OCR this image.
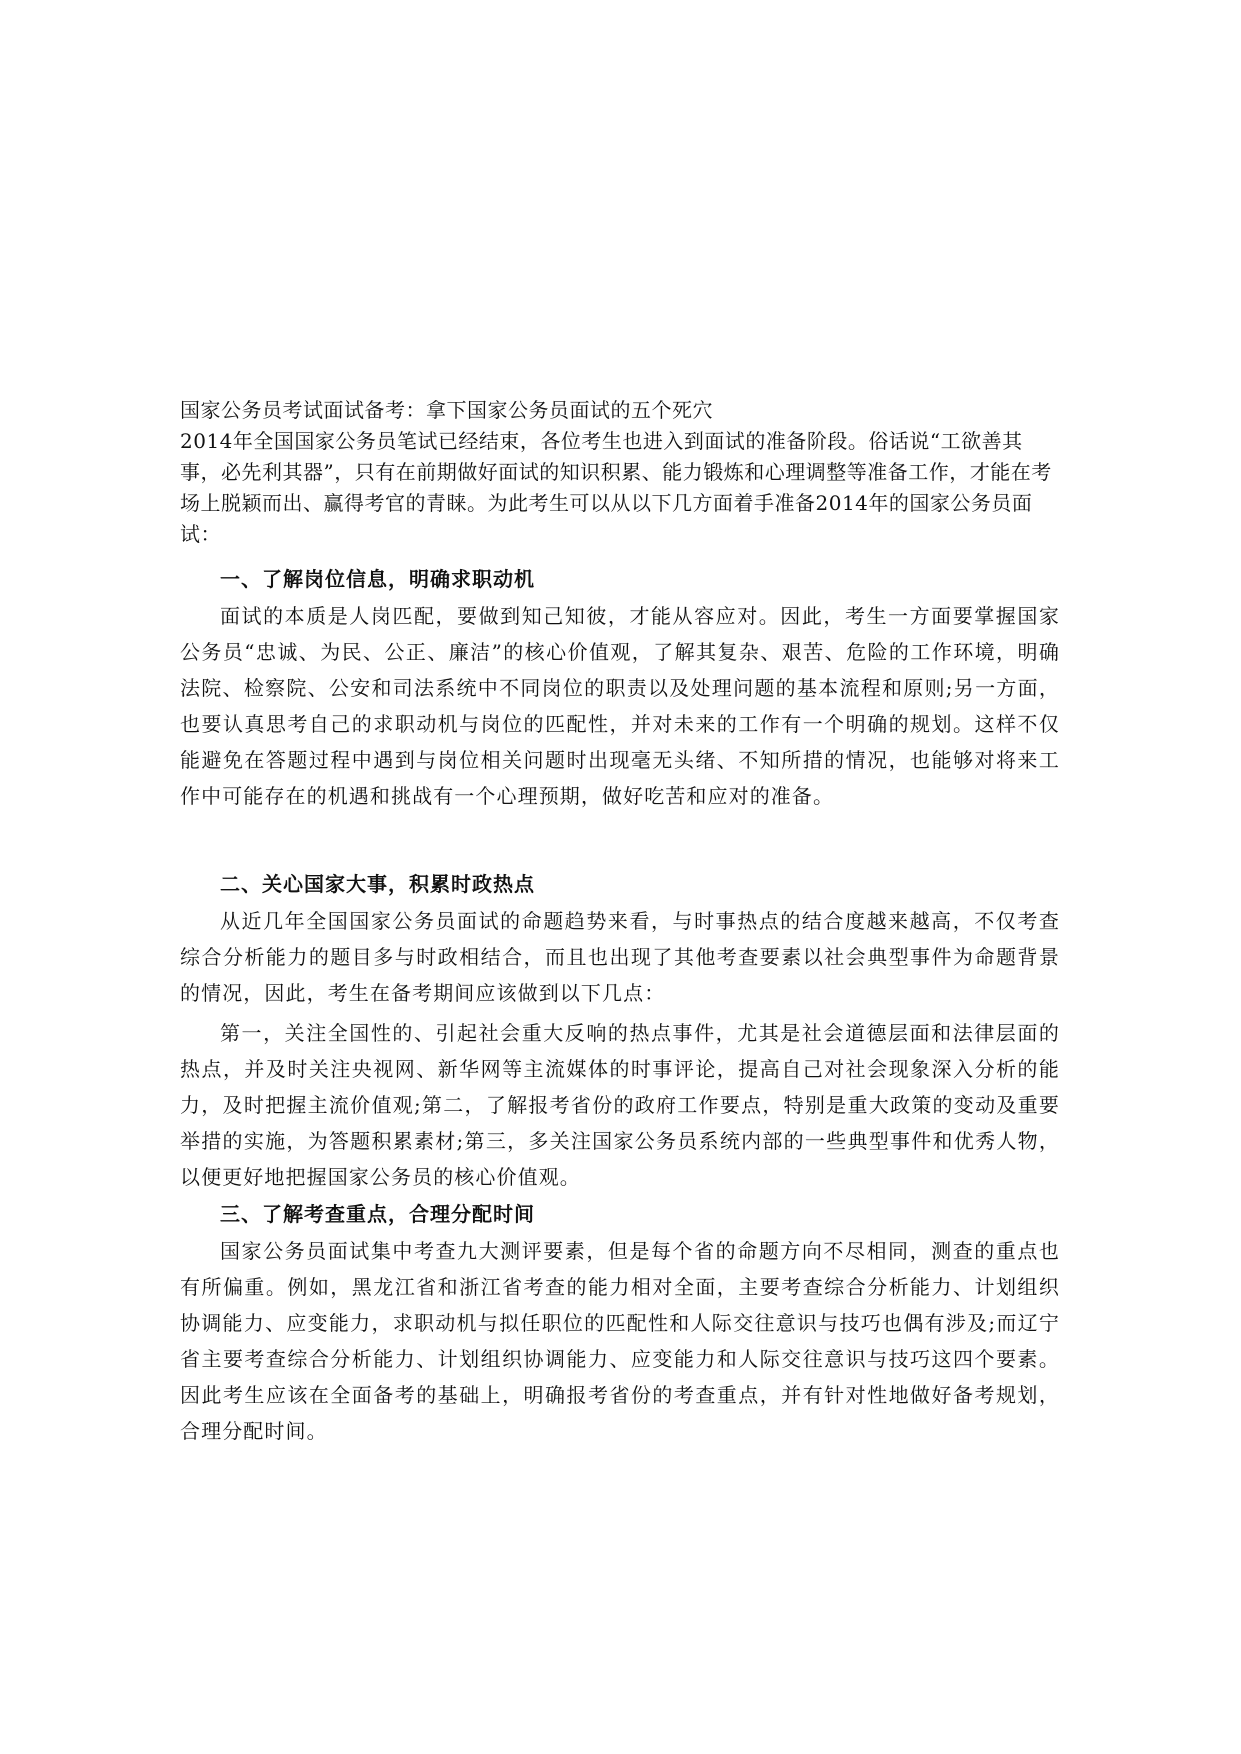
国家公务员考试面试备考：拿下国家公务员面试的五个死穴

2014年全国国家公务员笔试已经结束，各位考生也进入到面试的准备阶段。俗话说“工欲善其事，必先利其器”，只有在前期做好面试的知识积累、能力锻炼和心理调整等准备工作，才能在考场上脱颖而出、赢得考官的青睐。为此考生可以从以下几方面着手准备2014年的国家公务员面试：

一、了解岗位信息，明确求职动机

面试的本质是人岗匹配，要做到知己知彼，才能从容应对。因此，考生一方面要掌握国家公务员“忠诚、为民、公正、廉洁”的核心价值观，了解其复杂、艰苦、危险的工作环境，明确法院、检察院、公安和司法系统中不同岗位的职责以及处理问题的基本流程和原则;另一方面，也要认真思考自己的求职动机与岗位的匹配性，并对未来的工作有一个明确的规划。这样不仅能避免在答题过程中遇到与岗位相关问题时出现毫无头绪、不知所措的情况，也能够对将来工作中可能存在的机遇和挑战有一个心理预期，做好吃苦和应对的准备。

二、关心国家大事，积累时政热点

从近几年全国国家公务员面试的命题趋势来看，与时事热点的结合度越来越高，不仅考查综合分析能力的题目多与时政相结合，而且也出现了其他考查要素以社会典型事件为命题背景的情况，因此，考生在备考期间应该做到以下几点：

第一，关注全国性的、引起社会重大反响的热点事件，尤其是社会道德层面和法律层面的热点，并及时关注央视网、新华网等主流媒体的时事评论，提高自己对社会现象深入分析的能力，及时把握主流价值观;第二，了解报考省份的政府工作要点，特别是重大政策的变动及重要举措的实施，为答题积累素材;第三，多关注国家公务员系统内部的一些典型事件和优秀人物，以便更好地把握国家公务员的核心价值观。

三、了解考查重点，合理分配时间

国家公务员面试集中考查九大测评要素，但是每个省的命题方向不尽相同，测查的重点也有所偏重。例如，黑龙江省和浙江省考查的能力相对全面，主要考查综合分析能力、计划组织协调能力、应变能力，求职动机与拟任职位的匹配性和人际交往意识与技巧也偶有涉及;而辽宁省主要考查综合分析能力、计划组织协调能力、应变能力和人际交往意识与技巧这四个要素。因此考生应该在全面备考的基础上，明确报考省份的考查重点，并有针对性地做好备考规划，合理分配时间。
